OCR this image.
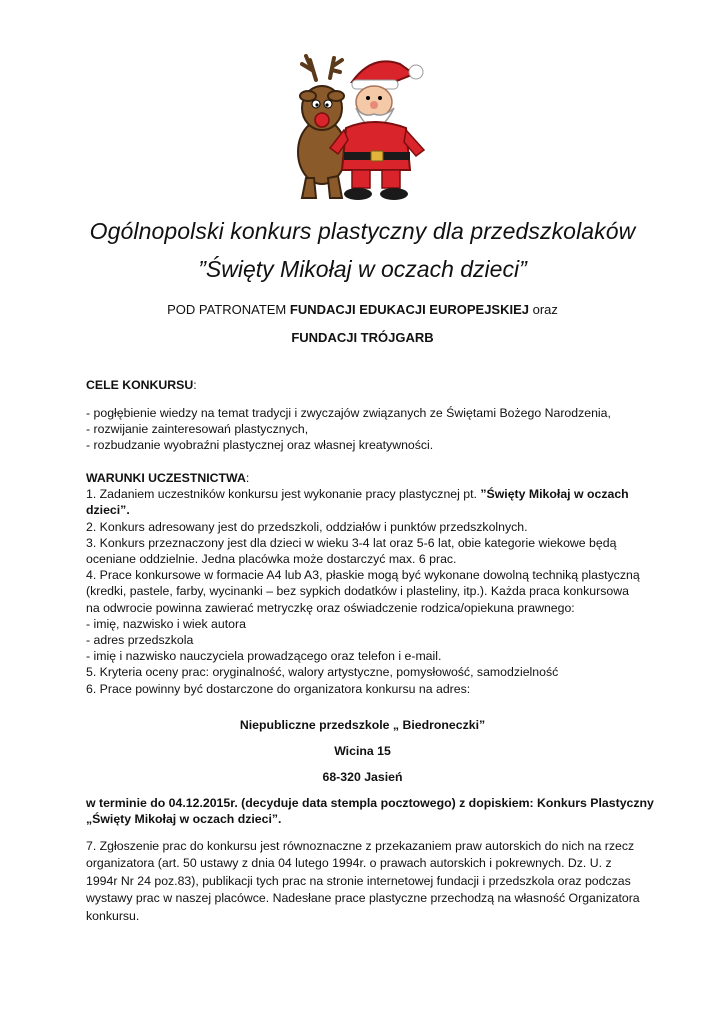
Ogólnopolski konkurs plastyczny dla przedszkolaków
”Święty Mikołaj w oczach dzieci”
POD PATRONATEM FUNDACJI EDUKACJI EUROPEJSKIEJ oraz
FUNDACJI TRÓJGARB
CELE KONKURSU:
- pogłębienie wiedzy na temat tradycji i zwyczajów związanych ze Świętami Bożego Narodzenia,
- rozwijanie zainteresowań plastycznych,
- rozbudzanie wyobraźni plastycznej oraz własnej kreatywności.
WARUNKI UCZESTNICTWA:
1. Zadaniem uczestników konkursu jest wykonanie pracy plastycznej pt. ”Święty Mikołaj w oczach
dzieci”.
2. Konkurs adresowany jest do przedszkoli, oddziałów i punktów przedszkolnych.
3. Konkurs przeznaczony jest dla dzieci w wieku 3-4 lat oraz 5-6 lat, obie kategorie wiekowe będą
oceniane oddzielnie. Jedna placówka może dostarczyć max. 6 prac.
4. Prace konkursowe w formacie A4 lub A3, płaskie mogą być wykonane dowolną techniką plastyczną
(kredki, pastele, farby, wycinanki – bez sypkich dodatków i plasteliny, itp.). Każda praca konkursowa
na odwrocie powinna zawierać metryczkę oraz oświadczenie rodzica/opiekuna prawnego:
- imię, nazwisko i wiek autora
- adres przedszkola
- imię i nazwisko nauczyciela prowadzącego oraz telefon i e-mail.
5. Kryteria oceny prac: oryginalność, walory artystyczne, pomysłowość, samodzielność
6. Prace powinny być dostarczone do organizatora konkursu na adres:
Niepubliczne przedszkole „ Biedroneczki”
Wicina 15
68-320 Jasień
w terminie do 04.12.2015r. (decyduje data stempla pocztowego) z dopiskiem: Konkurs Plastyczny
„Święty Mikołaj w oczach dzieci”.
7. Zgłoszenie prac do konkursu jest równoznaczne z przekazaniem praw autorskich do nich na rzecz
organizatora (art. 50 ustawy z dnia 04 lutego 1994r. o prawach autorskich i pokrewnych. Dz. U. z
1994r Nr 24 poz.83), publikacji tych prac na stronie internetowej fundacji i przedszkola oraz podczas
wystawy prac w naszej placówce. Nadesłane prace plastyczne przechodzą na własność Organizatora
konkursu.
